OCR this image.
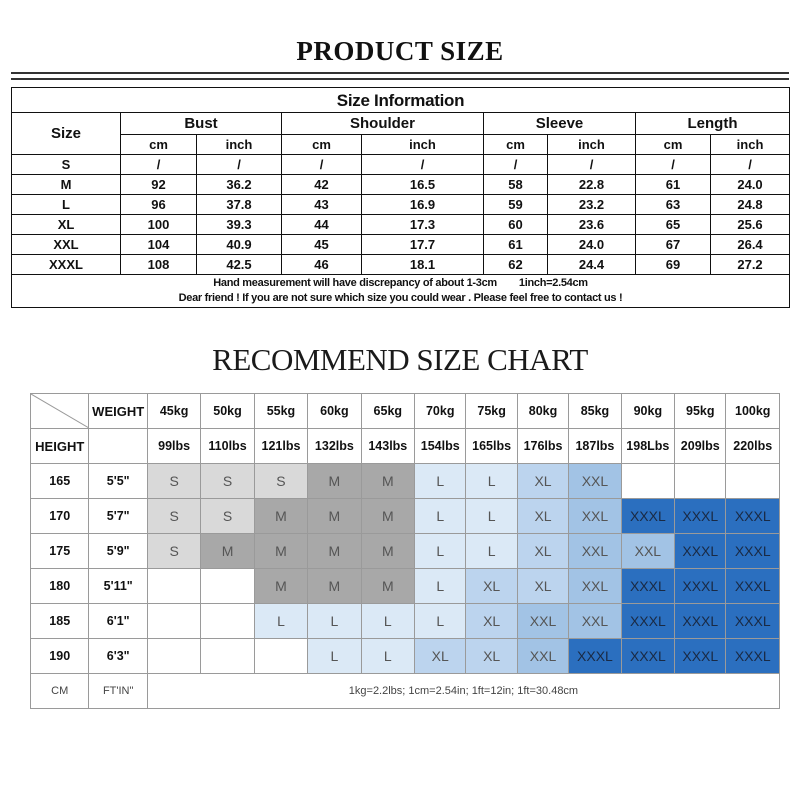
PRODUCT SIZE
Size Information								
Size	Bust		Shoulder		Sleeve		Length	
	cm	inch	cm	inch	cm	inch	cm	inch
S	/	/	/	/	/	/	/	/
M	92	36.2	42	16.5	58	22.8	61	24.0
L	96	37.8	43	16.9	59	23.2	63	24.8
XL	100	39.3	44	17.3	60	23.6	65	25.6
XXL	104	40.9	45	17.7	61	24.0	67	26.4
XXXL	108	42.5	46	18.1	62	24.4	69	27.2

Hand measurement will have discrepancy of about 1-3cm        1inch=2.54cm
Dear friend ! If you are not sure which size you could wear . Please feel free to contact us !								
RECOMMEND SIZE CHART
	WEIGHT	45kg	50kg	55kg	60kg	65kg	70kg	75kg	80kg	85kg	90kg	95kg	100kg
HEIGHT		99lbs	110lbs	121lbs	132lbs	143lbs	154lbs	165lbs	176lbs	187lbs	198Lbs	209lbs	220lbs
165	5'5"	S	S	S	M	M	L	L	XL	XXL			
170	5'7"	S	S	M	M	M	L	L	XL	XXL	XXXL	XXXL	XXXL
175	5'9"	S	M	M	M	M	L	L	XL	XXL	XXL	XXXL	XXXL
180	5'11"			M	M	M	L	XL	XL	XXL	XXXL	XXXL	XXXL
185	6'1"			L	L	L	L	XL	XXL	XXL	XXXL	XXXL	XXXL
190	6'3"				L	L	XL	XL	XXL	XXXL	XXXL	XXXL	XXXL
CM	FT'IN"	1kg=2.2lbs; 1cm=2.54in; 1ft=12in; 1ft=30.48cm											
